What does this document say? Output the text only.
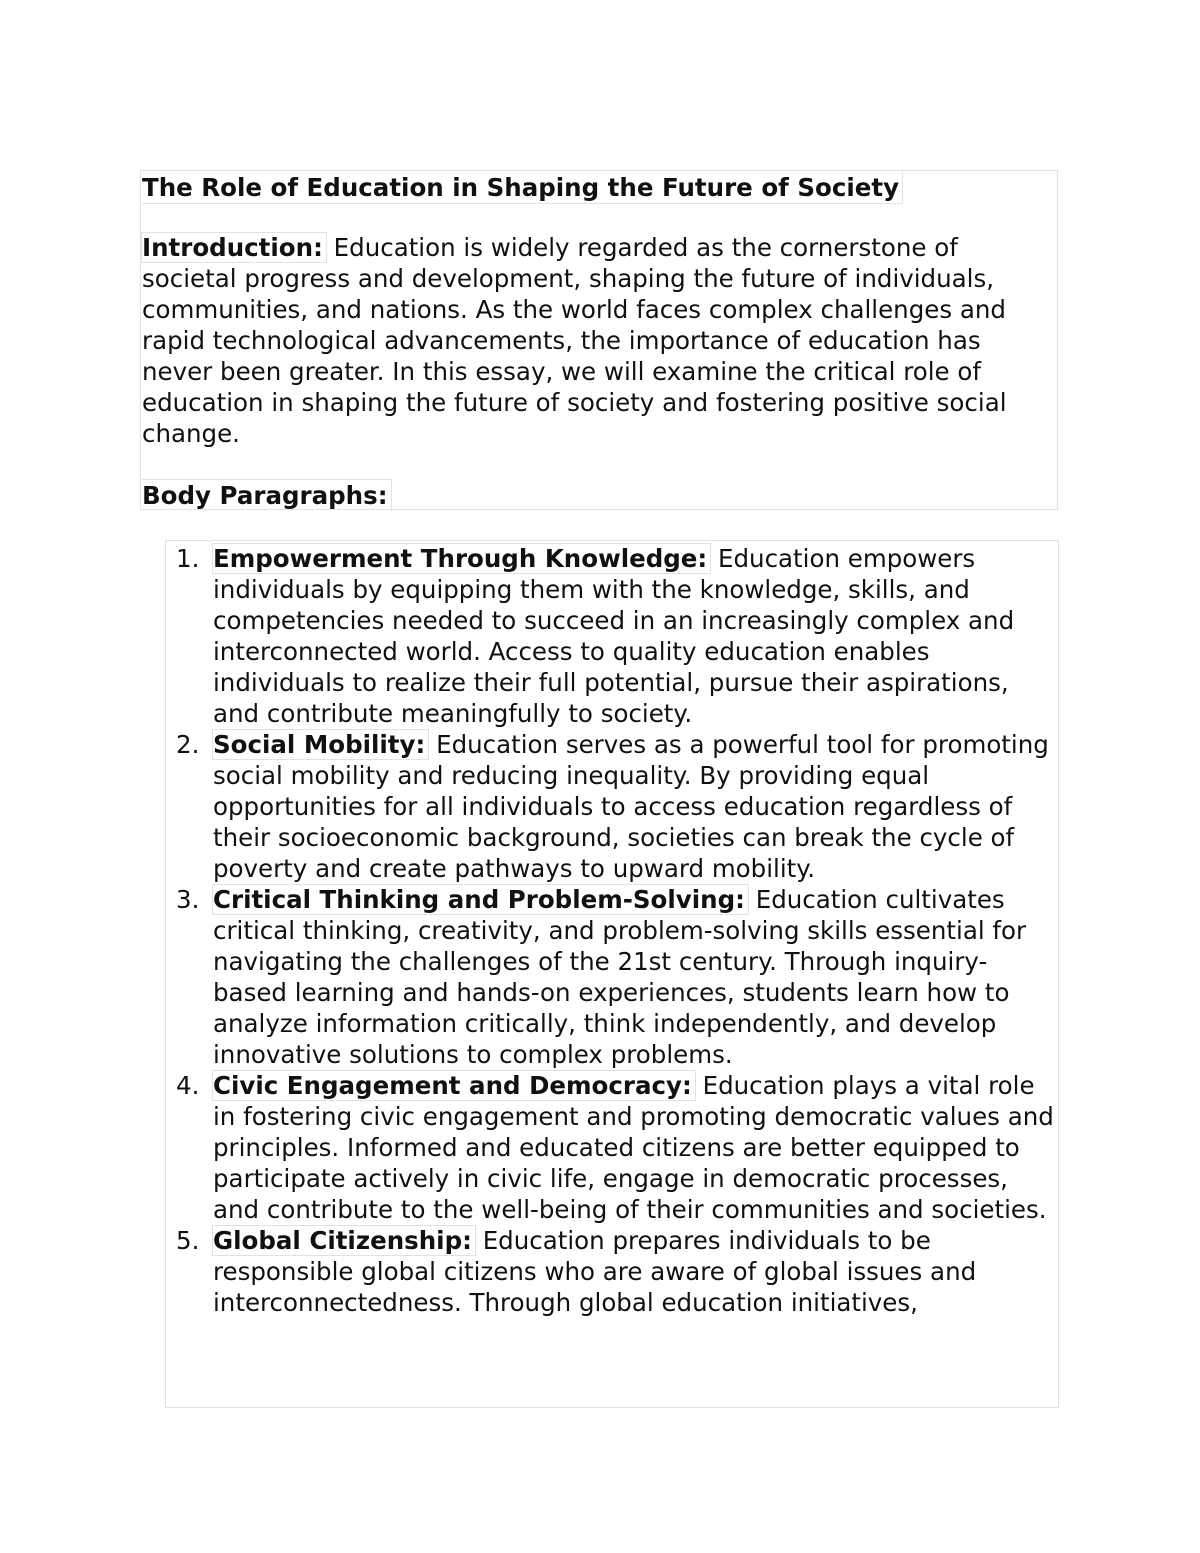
The Role of Education in Shaping the Future of Society
Introduction: Education is widely regarded as the cornerstone of societal progress and development, shaping the future of individuals, communities, and nations. As the world faces complex challenges and rapid technological advancements, the importance of education has never been greater. In this essay, we will examine the critical role of education in shaping the future of society and fostering positive social change.
Body Paragraphs:
1. Empowerment Through Knowledge: Education empowers individuals by equipping them with the knowledge, skills, and competencies needed to succeed in an increasingly complex and interconnected world. Access to quality education enables individuals to realize their full potential, pursue their aspirations, and contribute meaningfully to society.
2. Social Mobility: Education serves as a powerful tool for promoting social mobility and reducing inequality. By providing equal opportunities for all individuals to access education regardless of their socioeconomic background, societies can break the cycle of poverty and create pathways to upward mobility.
3. Critical Thinking and Problem-Solving: Education cultivates critical thinking, creativity, and problem-solving skills essential for navigating the challenges of the 21st century. Through inquiry-based learning and hands-on experiences, students learn how to analyze information critically, think independently, and develop innovative solutions to complex problems.
4. Civic Engagement and Democracy: Education plays a vital role in fostering civic engagement and promoting democratic values and principles. Informed and educated citizens are better equipped to participate actively in civic life, engage in democratic processes, and contribute to the well-being of their communities and societies.
5. Global Citizenship: Education prepares individuals to be responsible global citizens who are aware of global issues and interconnectedness. Through global education initiatives,
